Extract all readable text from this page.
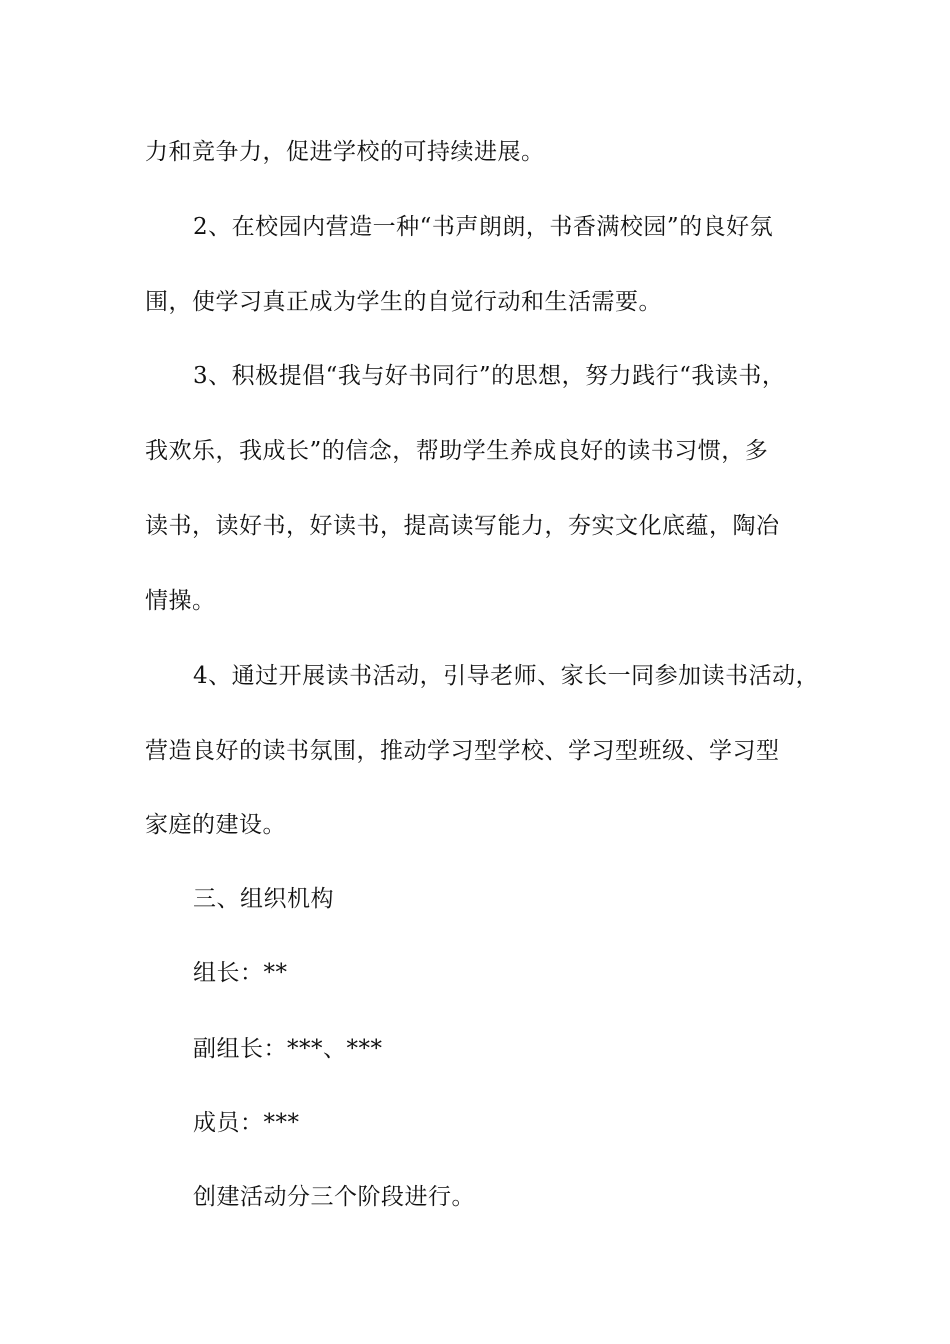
力和竞争力，促进学校的可持续进展。
2、在校园内营造一种“书声朗朗，书香满校园”的良好氛
围，使学习真正成为学生的自觉行动和生活需要。
3、积极提倡“我与好书同行”的思想，努力践行“我读书，
我欢乐，我成长”的信念，帮助学生养成良好的读书习惯，多
读书，读好书，好读书，提高读写能力，夯实文化底蕴，陶冶
情操。
4、通过开展读书活动，引导老师、家长一同参加读书活动，
营造良好的读书氛围，推动学习型学校、学习型班级、学习型
家庭的建设。
三、组织机构
组长：**
副组长：***、***
成员：***
创建活动分三个阶段进行。
